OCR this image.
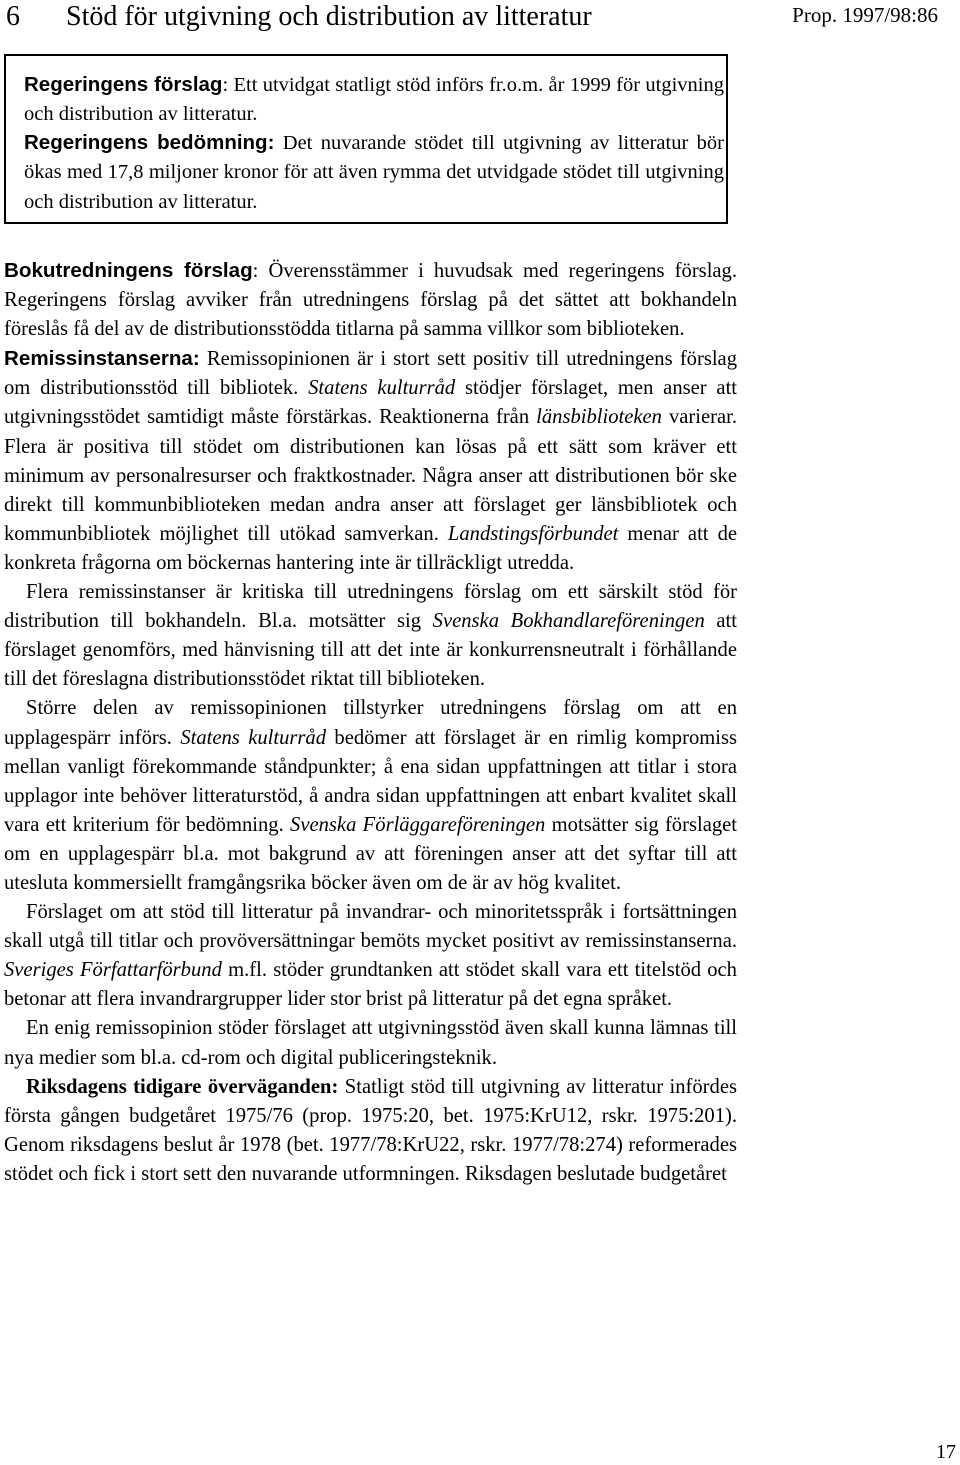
6 Stöd för utgivning och distribution av litteratur	Prop. 1997/98:86

Regeringens förslag: Ett utvidgat statligt stöd införs fr.o.m. år 1999 för utgivning och distribution av litteratur.

Regeringens bedömning: Det nuvarande stödet till utgivning av litteratur bör ökas med 17,8 miljoner kronor för att även rymma det utvidgade stödet till utgivning och distribution av litteratur.

Bokutredningens förslag: Överensstämmer i huvudsak med regeringens förslag. Regeringens förslag avviker från utredningens förslag på det sättet att bokhandeln föreslås få del av de distributionsstödda titlarna på samma villkor som biblioteken.

Remissinstanserna: Remissopinionen är i stort sett positiv till utredningens förslag om distributionsstöd till bibliotek. Statens kulturråd stödjer förslaget, men anser att utgivningsstödet samtidigt måste förstärkas. Reaktionerna från länsbiblioteken varierar. Flera är positiva till stödet om distributionen kan lösas på ett sätt som kräver ett minimum av personalresurser och fraktkostnader. Några anser att distributionen bör ske direkt till kommunbiblioteken medan andra anser att förslaget ger länsbibliotek och kommunbibliotek möjlighet till utökad samverkan. Landstingsförbundet menar att de konkreta frågorna om böckernas hantering inte är tillräckligt utredda.

Flera remissinstanser är kritiska till utredningens förslag om ett särskilt stöd för distribution till bokhandeln. Bl.a. motsätter sig Svenska Bokhandlareföreningen att förslaget genomförs, med hänvisning till att det inte är konkurrensneutralt i förhållande till det föreslagna distributionsstödet riktat till biblioteken.

Större delen av remissopinionen tillstyrker utredningens förslag om att en upplagespärr införs. Statens kulturråd bedömer att förslaget är en rimlig kompromiss mellan vanligt förekommande ståndpunkter; å ena sidan uppfattningen att titlar i stora upplagor inte behöver litteraturstöd, å andra sidan uppfattningen att enbart kvalitet skall vara ett kriterium för bedömning. Svenska Förläggareföreningen motsätter sig förslaget om en upplagespärr bl.a. mot bakgrund av att föreningen anser att det syftar till att utesluta kommersiellt framgångsrika böcker även om de är av hög kvalitet.

Förslaget om att stöd till litteratur på invandrar- och minoritetsspråk i fortsättningen skall utgå till titlar och provöversättningar bemöts mycket positivt av remissinstanserna. Sveriges Författarförbund m.fl. stöder grundtanken att stödet skall vara ett titelstöd och betonar att flera invandrargrupper lider stor brist på litteratur på det egna språket.

En enig remissopinion stöder förslaget att utgivningsstöd även skall kunna lämnas till nya medier som bl.a. cd-rom och digital publiceringsteknik.

Riksdagens tidigare överväganden: Statligt stöd till utgivning av litteratur infördes första gången budgetåret 1975/76 (prop. 1975:20, bet. 1975:KrU12, rskr. 1975:201). Genom riksdagens beslut år 1978 (bet. 1977/78:KrU22, rskr. 1977/78:274) reformerades stödet och fick i stort sett den nuvarande utformningen. Riksdagen beslutade budgetåret

17
